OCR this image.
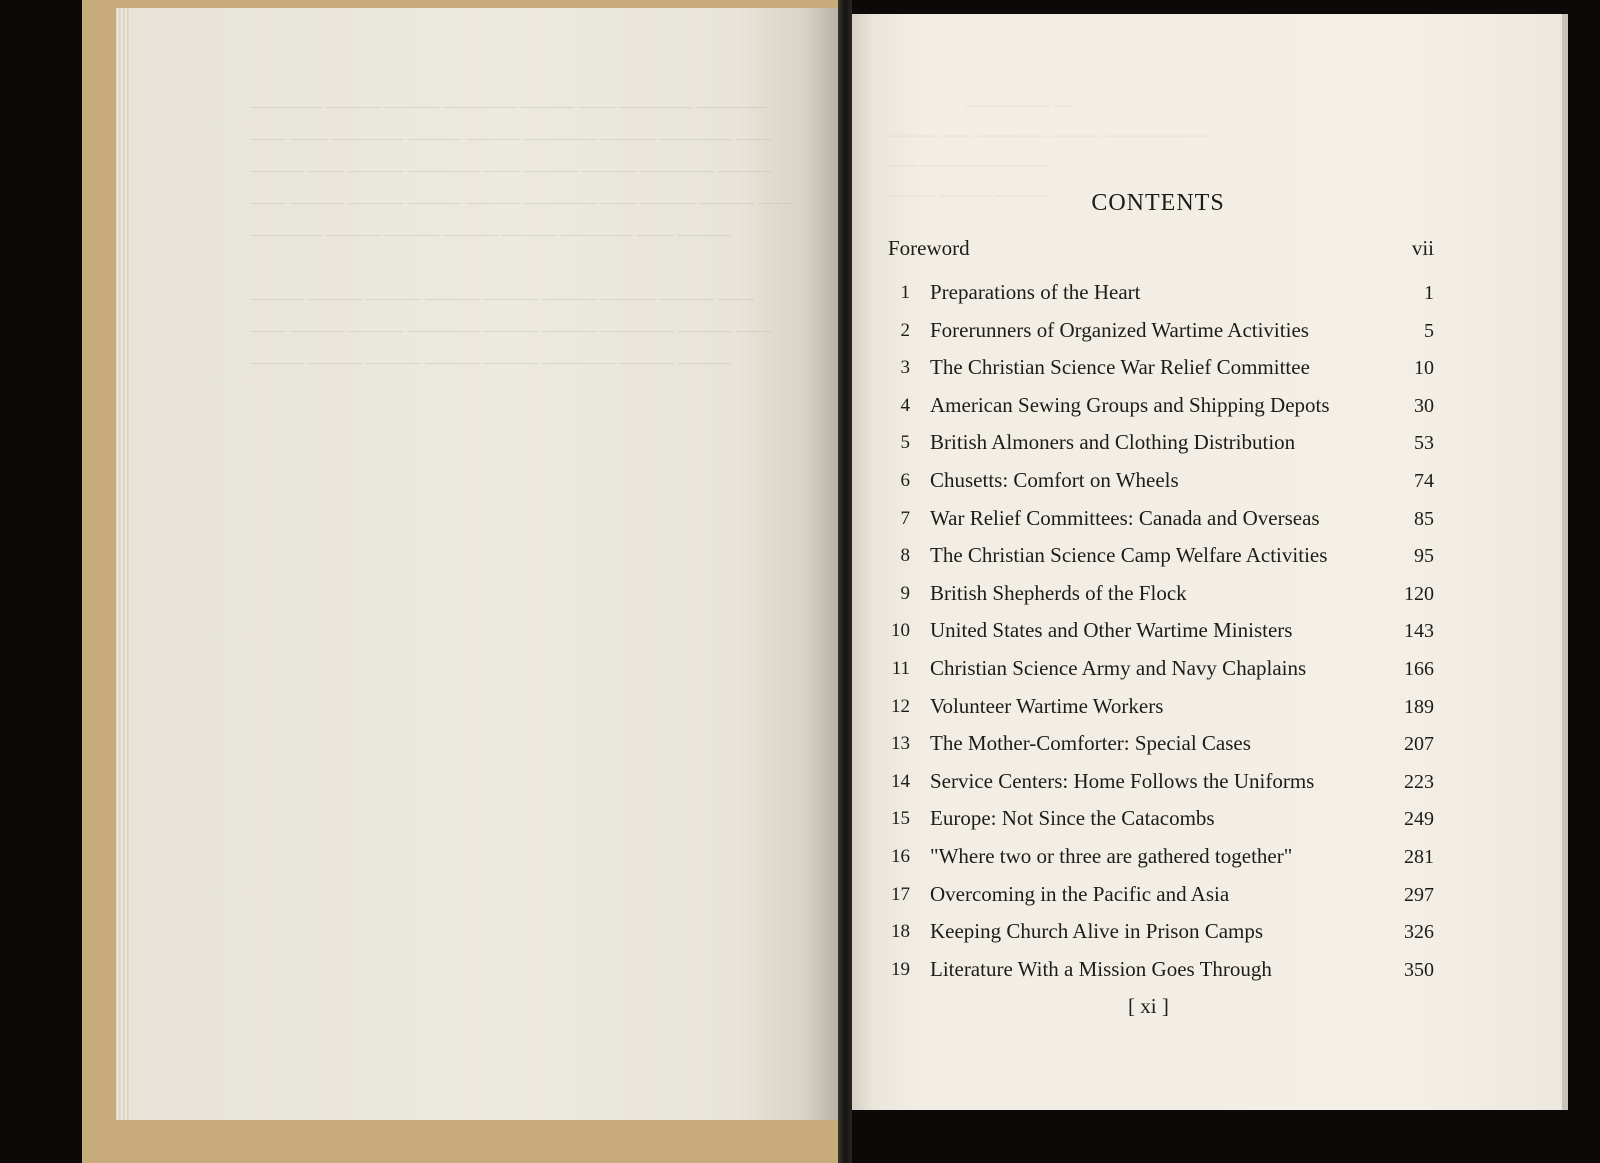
———— ——— ——— ———— ——— —— ———— ————
—— —— ———— ——— ——— ———— ——— ———— ——
——— —— ——— ———— —— ——— ——— ———— ———
—— ——— ——— ——— ——— ———— —— ——— ——— ——
———— ——— ——— ——— ——— ———— —— ———

——— ——— ——— ——— ——— ——— ——— ——— ——
—— ——— ——— ———— ——— ——— ———— ——— ——
——— ——— ——— ——— ——— ———— ——— ———
————— —
——— —— ———— ——— ——————
—— ——— ————
——— ——— ———	CONTENTS
Foreword	vii
1 Preparations of the Heart	1
2 Forerunners of Organized Wartime Activities	5
3 The Christian Science War Relief Committee	10
4 American Sewing Groups and Shipping Depots	30
5 British Almoners and Clothing Distribution	53
6 Chusetts: Comfort on Wheels	74
7 War Relief Committees: Canada and Overseas	85
8 The Christian Science Camp Welfare Activities	95
9 British Shepherds of the Flock	120
10 United States and Other Wartime Ministers	143
11 Christian Science Army and Navy Chaplains	166
12 Volunteer Wartime Workers	189
13 The Mother-Comforter: Special Cases	207
14 Service Centers: Home Follows the Uniforms	223
15 Europe: Not Since the Catacombs	249
16 "Where two or three are gathered together"	281
17 Overcoming in the Pacific and Asia	297
18 Keeping Church Alive in Prison Camps	326
19 Literature With a Mission Goes Through	350
[ xi ]
